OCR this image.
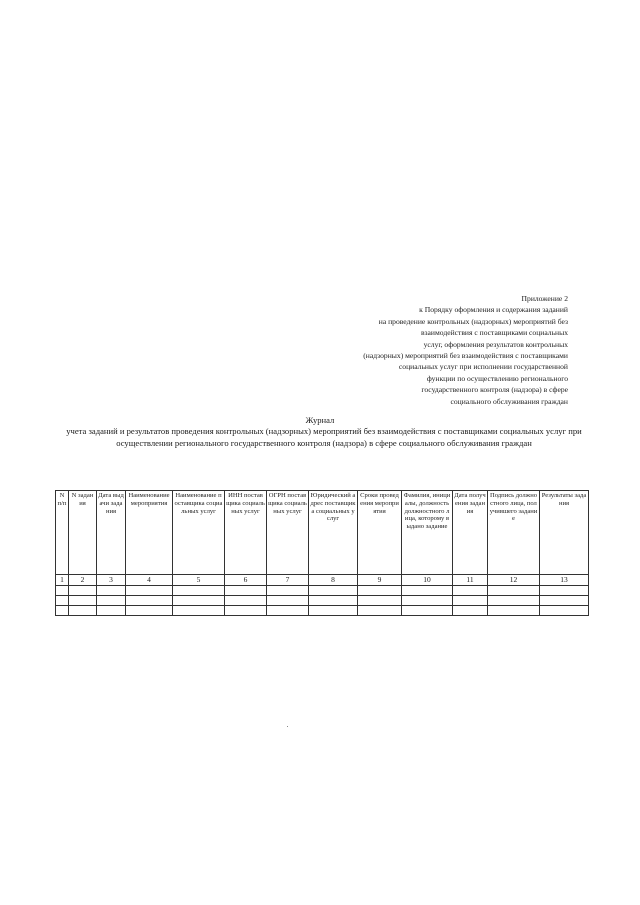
Приложение 2
к Порядку оформления и содержания заданий
на проведение контрольных (надзорных) мероприятий без
взаимодействия с поставщиками социальных
услуг, оформления результатов контрольных
(надзорных) мероприятий без взаимодействия с поставщиками
социальных услуг при исполнении государственной
функции по осуществлению регионального
государственного контроля (надзора) в сфере
социального обслуживания граждан
Журнал
учета заданий и результатов проведения контрольных (надзорных) мероприятий без взаимодействия с поставщиками социальных услуг при осуществлении регионального государственного контроля (надзора) в сфере социального обслуживания граждан
N п/п	N задания	Дата выдачи задания	Наименование мероприятия	Наименование поставщика социальных услуг	ИНН поставщика социальных услуг	ОГРН поставщика социальных услуг	Юридический адрес поставщика социальных услуг	Сроки проведения мероприятия	Фамилия, инициалы, должность должностного лица, которому выдано задание	Дата получения задания	Подпись должностного лица, получившего задание	Результаты задания
1	2	3	4	5	6	7	8	9	10	11	12	13
